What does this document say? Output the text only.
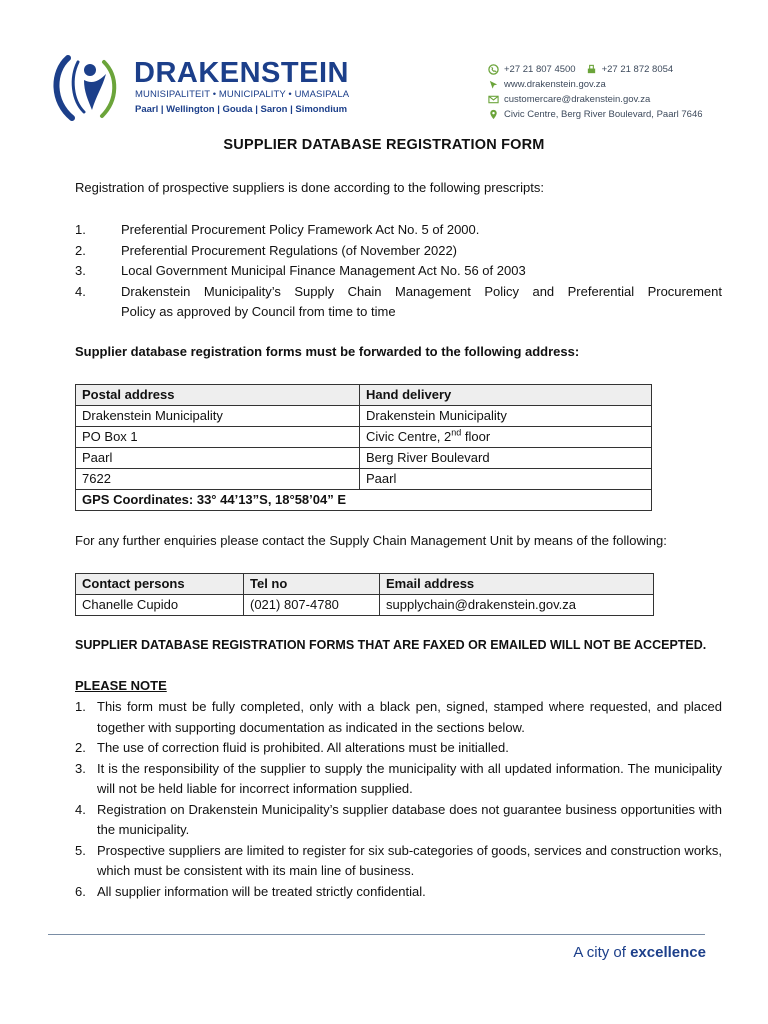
DRAKENSTEIN
MUNISIPALITEIT • MUNICIPALITY • UMASIPALA
Paarl | Wellington | Gouda | Saron | Simondium
+27 21 807 4500	+27 21 872 8054
www.drakenstein.gov.za
customercare@drakenstein.gov.za
Civic Centre, Berg River Boulevard, Paarl 7646
SUPPLIER DATABASE REGISTRATION FORM
Registration of prospective suppliers is done according to the following prescripts:
1.	Preferential Procurement Policy Framework Act No. 5 of 2000.
2.	Preferential Procurement Regulations (of November 2022)
3.	Local Government Municipal Finance Management Act No. 56 of 2003
4.	Drakenstein Municipality’s Supply Chain Management Policy and Preferential Procurement
Policy as approved by Council from time to time
Supplier database registration forms must be forwarded to the following address:
Postal address	Hand delivery
Drakenstein Municipality	Drakenstein Municipality
PO Box 1	Civic Centre, 2nd floor
Paarl	Berg River Boulevard
7622	Paarl
GPS Coordinates: 33° 44’13”S, 18°58’04” E	
For any further enquiries please contact the Supply Chain Management Unit by means of the following:
Contact persons	Tel no	Email address
Chanelle Cupido	(021) 807-4780	supplychain@drakenstein.gov.za
SUPPLIER DATABASE REGISTRATION FORMS THAT ARE FAXED OR EMAILED WILL NOT BE ACCEPTED.
PLEASE NOTE
1. This form must be fully completed, only with a black pen, signed, stamped where requested, and placed together with supporting documentation as indicated in the sections below.
2. The use of correction fluid is prohibited. All alterations must be initialled.
3. It is the responsibility of the supplier to supply the municipality with all updated information. The municipality will not be held liable for incorrect information supplied.
4. Registration on Drakenstein Municipality’s supplier database does not guarantee business opportunities with the municipality.
5. Prospective suppliers are limited to register for six sub-categories of goods, services and construction works, which must be consistent with its main line of business.
6. All supplier information will be treated strictly confidential.
A city of excellence
